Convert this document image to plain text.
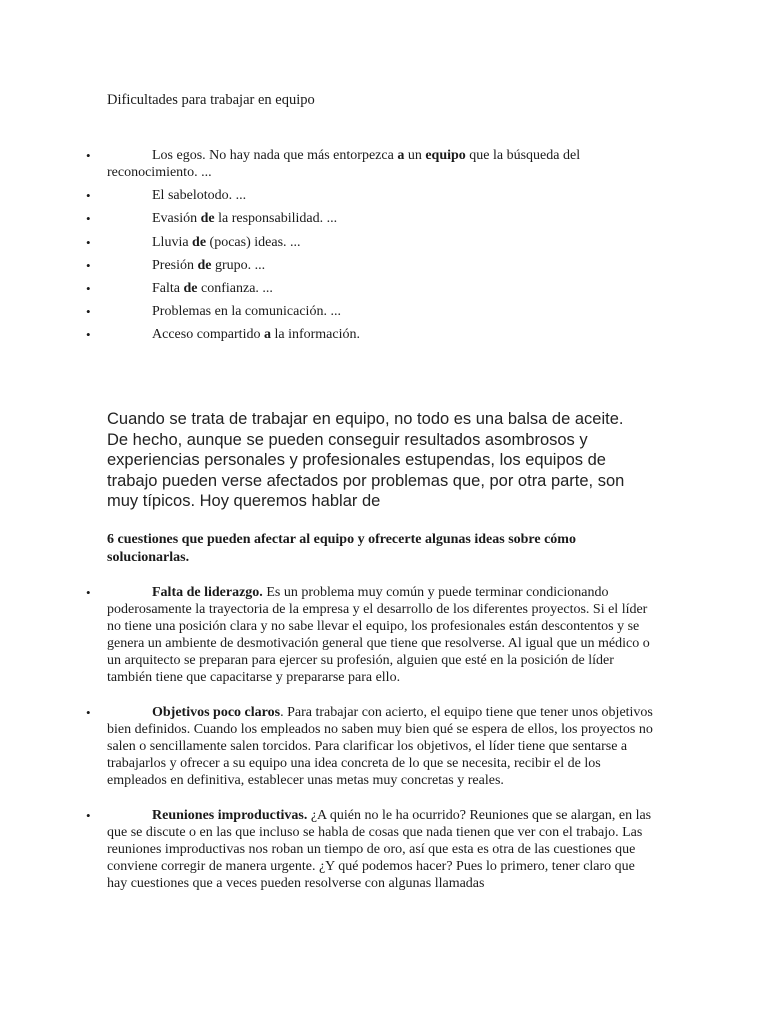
Dificultades para trabajar en equipo
•	Los egos. No hay nada que más entorpezca a un equipo que la búsqueda del reconocimiento. ...
•	El sabelotodo. ...
•	Evasión de la responsabilidad. ...
•	Lluvia de (pocas) ideas. ...
•	Presión de grupo. ...
•	Falta de confianza. ...
•	Problemas en la comunicación. ...
•	Acceso compartido a la información.

Cuando se trata de trabajar en equipo, no todo es una balsa de aceite. De hecho, aunque se pueden conseguir resultados asombrosos y experiencias personales y profesionales estupendas, los equipos de trabajo pueden verse afectados por problemas que, por otra parte, son muy típicos. Hoy queremos hablar de

6 cuestiones que pueden afectar al equipo y ofrecerte algunas ideas sobre cómo solucionarlas.

•	Falta de liderazgo. Es un problema muy común y puede terminar condicionando poderosamente la trayectoria de la empresa y el desarrollo de los diferentes proyectos. Si el líder no tiene una posición clara y no sabe llevar el equipo, los profesionales están descontentos y se genera un ambiente de desmotivación general que tiene que resolverse. Al igual que un médico o un arquitecto se preparan para ejercer su profesión, alguien que esté en la posición de líder también tiene que capacitarse y prepararse para ello.
•	Objetivos poco claros. Para trabajar con acierto, el equipo tiene que tener unos objetivos bien definidos. Cuando los empleados no saben muy bien qué se espera de ellos, los proyectos no salen o sencillamente salen torcidos. Para clarificar los objetivos, el líder tiene que sentarse a trabajarlos y ofrecer a su equipo una idea concreta de lo que se necesita, recibir el de los empleados en definitiva, establecer unas metas muy concretas y reales.
•	Reuniones improductivas. ¿A quién no le ha ocurrido? Reuniones que se alargan, en las que se discute o en las que incluso se habla de cosas que nada tienen que ver con el trabajo. Las reuniones improductivas nos roban un tiempo de oro, así que esta es otra de las cuestiones que conviene corregir de manera urgente. ¿Y qué podemos hacer? Pues lo primero, tener claro que hay cuestiones que a veces pueden resolverse con algunas llamadas
